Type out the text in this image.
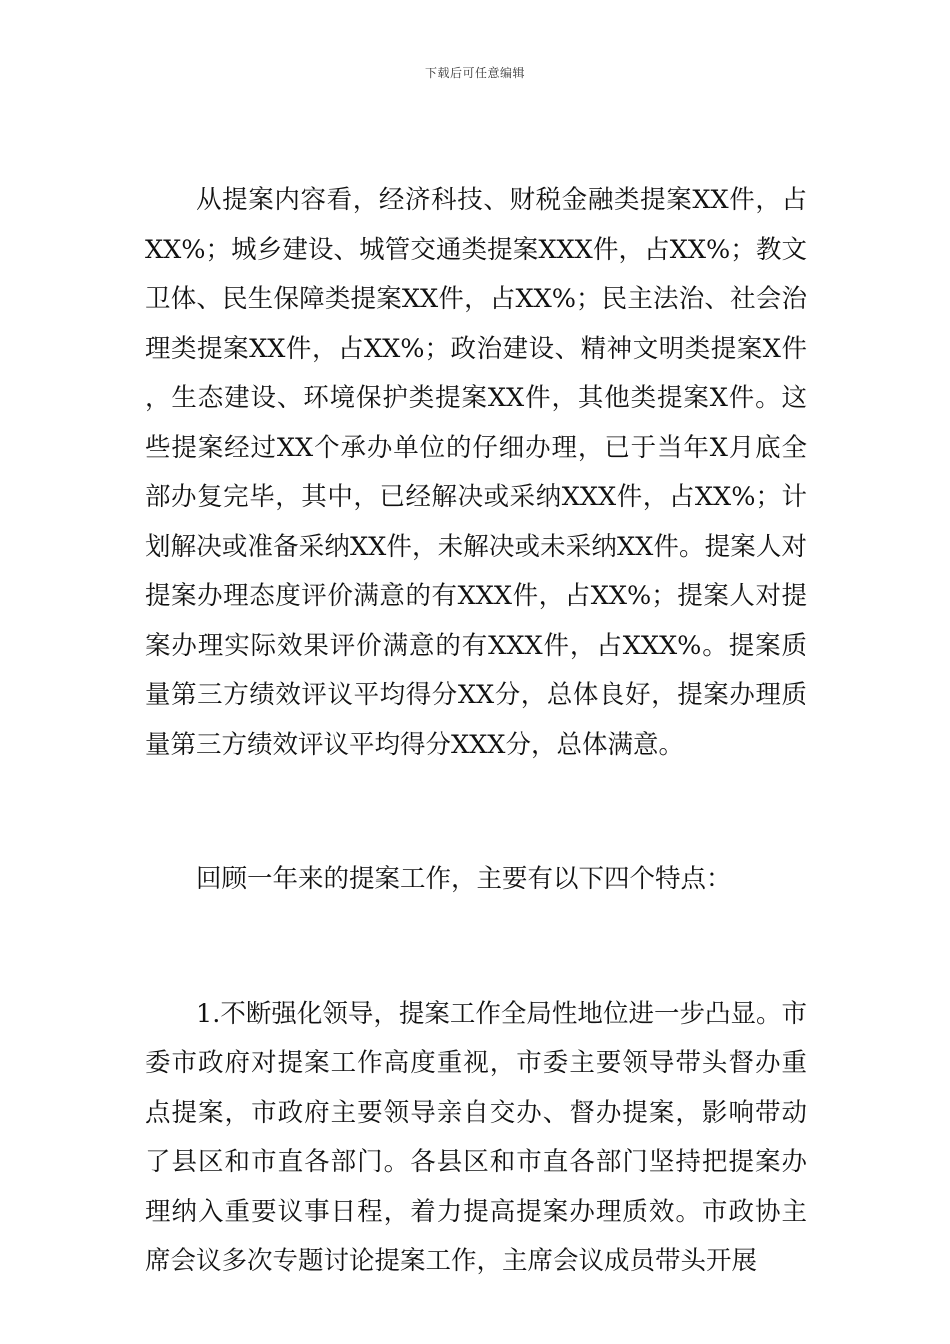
下载后可任意编辑

从提案内容看，经济科技、财税金融类提案XX件，占XX%；城乡建设、城管交通类提案XXX件，占XX%；教文卫体、民生保障类提案XX件，占XX%；民主法治、社会治理类提案XX件，占XX%；政治建设、精神文明类提案X件，生态建设、环境保护类提案XX件，其他类提案X件。这些提案经过XX个承办单位的仔细办理，已于当年X月底全部办复完毕，其中，已经解决或采纳XXX件，占XX%；计划解决或准备采纳XX件，未解决或未采纳XX件。提案人对提案办理态度评价满意的有XXX件，占XX%；提案人对提案办理实际效果评价满意的有XXX件，占XXX%。提案质量第三方绩效评议平均得分XX分，总体良好，提案办理质量第三方绩效评议平均得分XXX分，总体满意。

回顾一年来的提案工作，主要有以下四个特点：

1.不断强化领导，提案工作全局性地位进一步凸显。市委市政府对提案工作高度重视，市委主要领导带头督办重点提案，市政府主要领导亲自交办、督办提案，影响带动了县区和市直各部门。各县区和市直各部门坚持把提案办理纳入重要议事日程，着力提高提案办理质效。市政协主席会议多次专题讨论提案工作，主席会议成员带头开展
